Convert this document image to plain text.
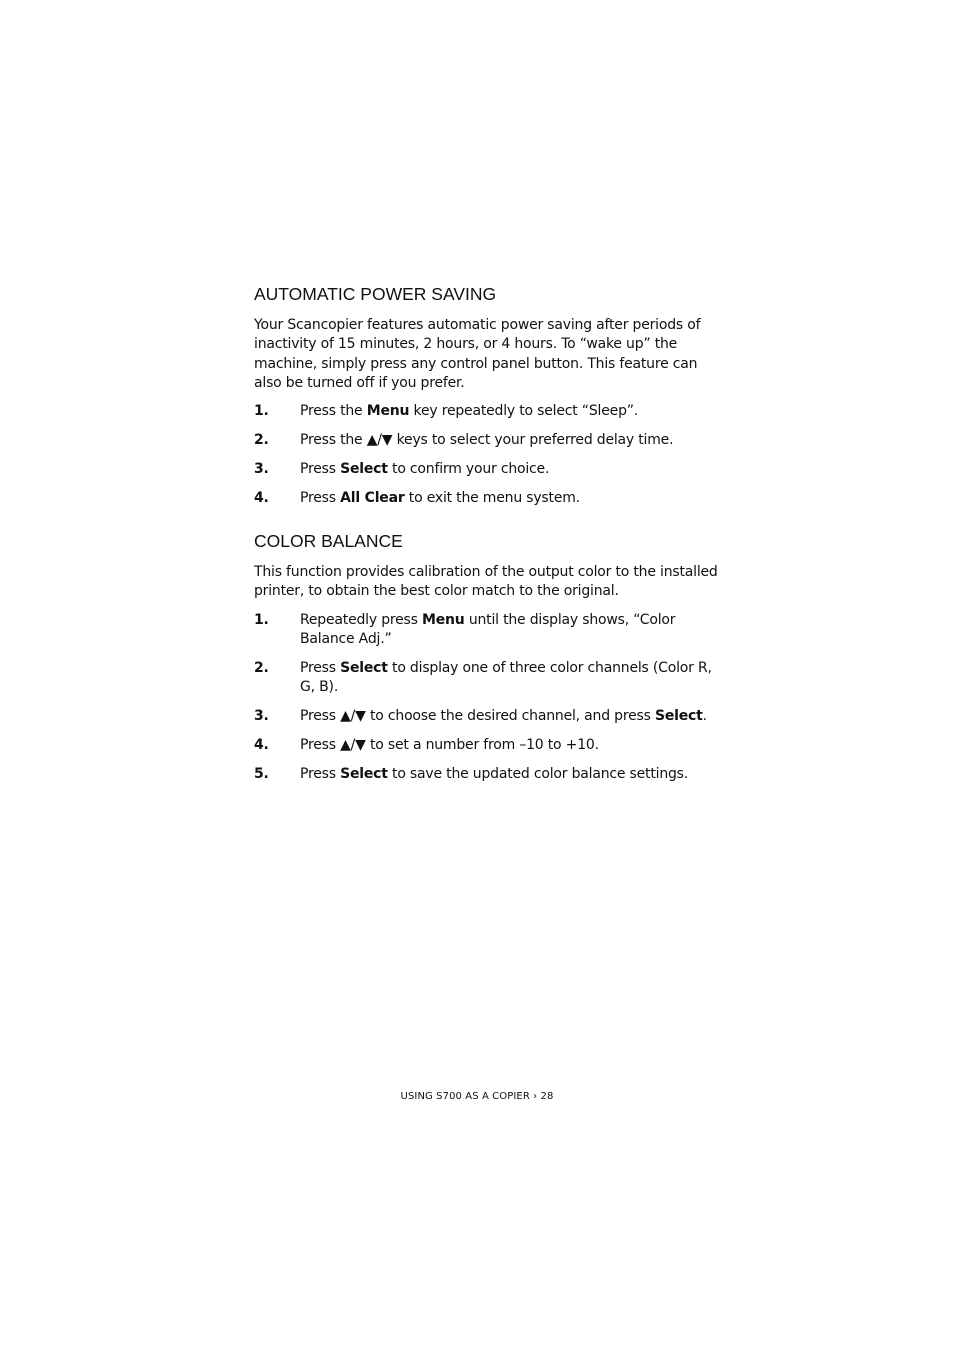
AUTOMATIC POWER SAVING

Your Scancopier features automatic power saving after periods of inactivity of 15 minutes, 2 hours, or 4 hours. To “wake up” the machine, simply press any control panel button. This feature can also be turned off if you prefer.

1. Press the Menu key repeatedly to select “Sleep”.
2. Press the ▲/▼ keys to select your preferred delay time.
3. Press Select to confirm your choice.
4. Press All Clear to exit the menu system.
COLOR BALANCE

This function provides calibration of the output color to the installed printer, to obtain the best color match to the original.

1. Repeatedly press Menu until the display shows, “Color Balance Adj.”
2. Press Select to display one of three color channels (Color R, G, B).
3. Press ▲/▼ to choose the desired channel, and press Select.
4. Press ▲/▼ to set a number from –10 to +10.
5. Press Select to save the updated color balance settings.
USING S700 AS A COPIER › 28
